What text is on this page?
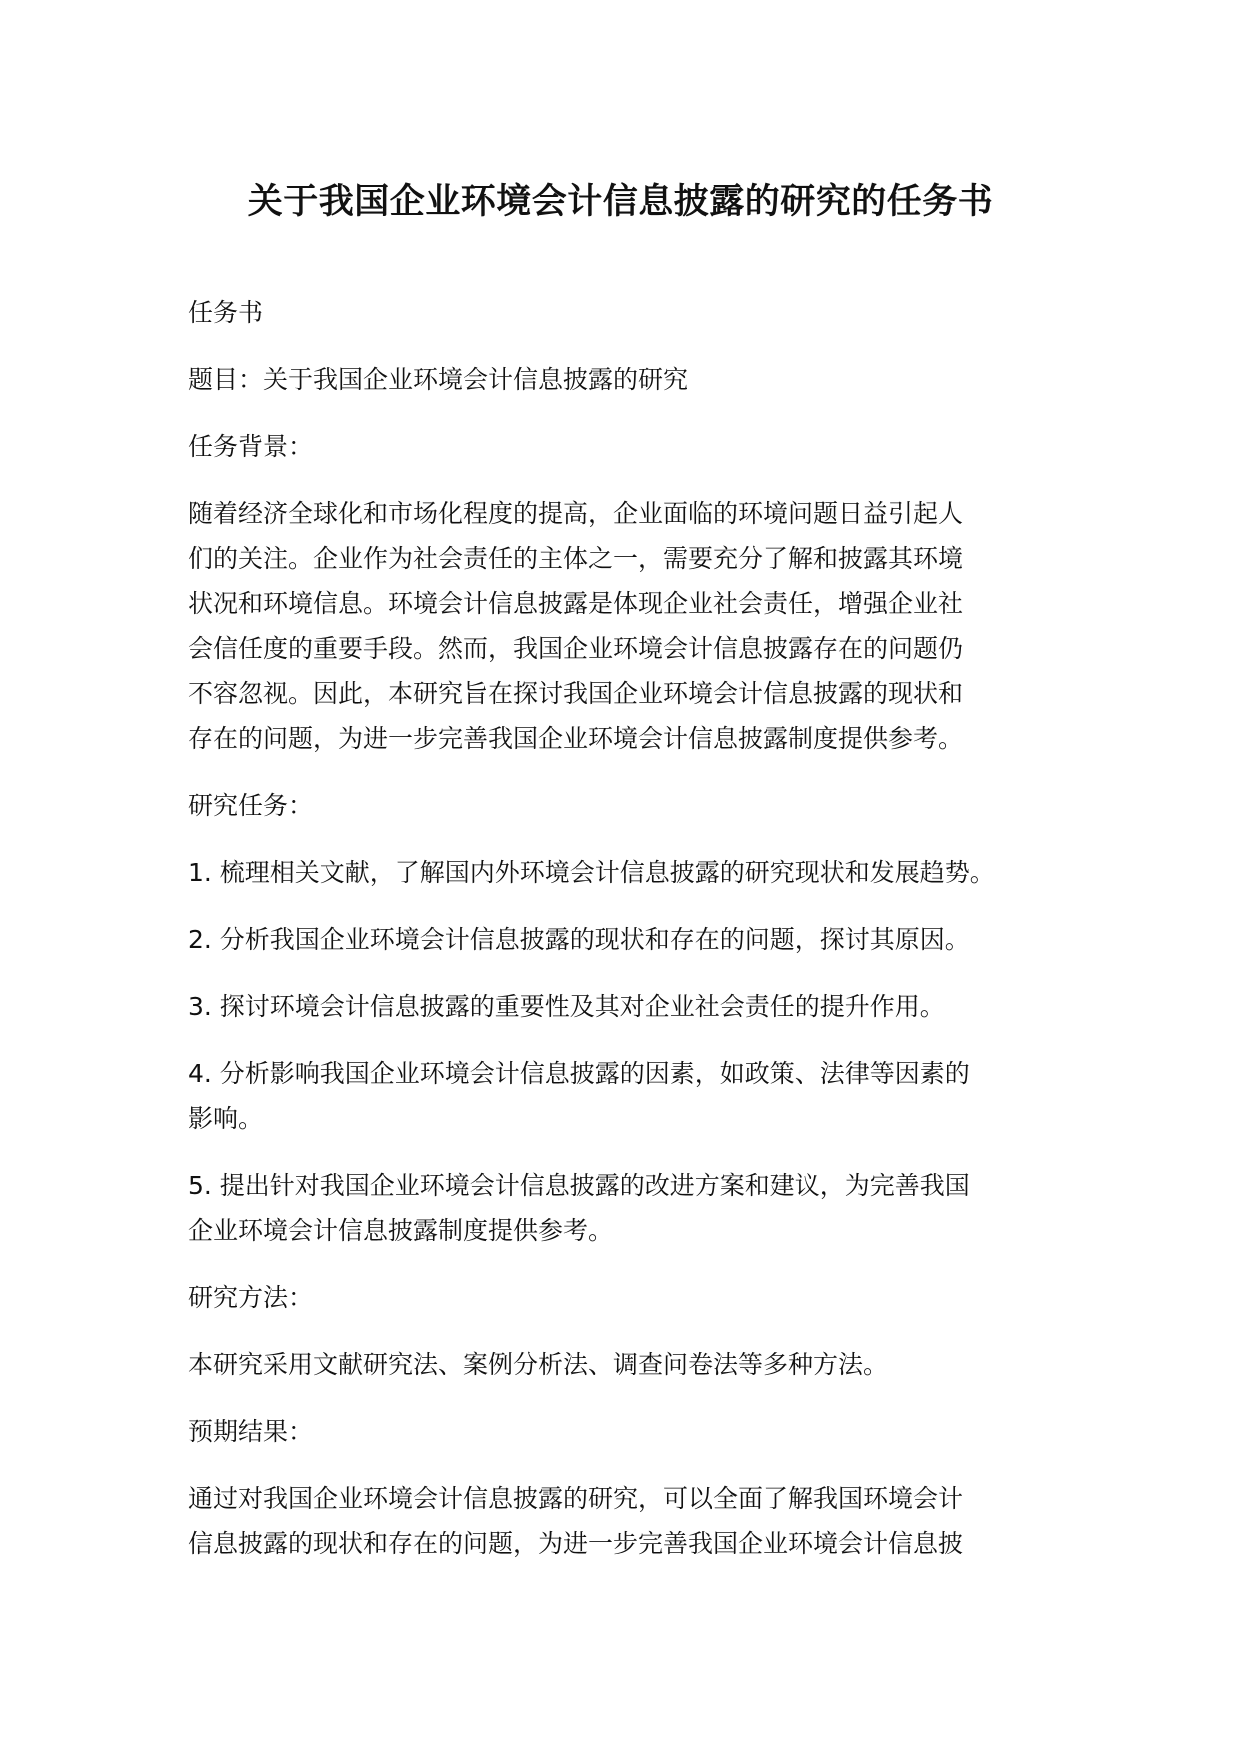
关于我国企业环境会计信息披露的研究的任务书

任务书

题目：关于我国企业环境会计信息披露的研究

任务背景：

随着经济全球化和市场化程度的提高，企业面临的环境问题日益引起人
们的关注。企业作为社会责任的主体之一，需要充分了解和披露其环境
状况和环境信息。环境会计信息披露是体现企业社会责任，增强企业社
会信任度的重要手段。然而，我国企业环境会计信息披露存在的问题仍
不容忽视。因此，本研究旨在探讨我国企业环境会计信息披露的现状和
存在的问题，为进一步完善我国企业环境会计信息披露制度提供参考。

研究任务：

1. 梳理相关文献，了解国内外环境会计信息披露的研究现状和发展趋势。

2. 分析我国企业环境会计信息披露的现状和存在的问题，探讨其原因。

3. 探讨环境会计信息披露的重要性及其对企业社会责任的提升作用。

4. 分析影响我国企业环境会计信息披露的因素，如政策、法律等因素的
影响。

5. 提出针对我国企业环境会计信息披露的改进方案和建议，为完善我国
企业环境会计信息披露制度提供参考。

研究方法：

本研究采用文献研究法、案例分析法、调查问卷法等多种方法。

预期结果：

通过对我国企业环境会计信息披露的研究，可以全面了解我国环境会计
信息披露的现状和存在的问题，为进一步完善我国企业环境会计信息披
